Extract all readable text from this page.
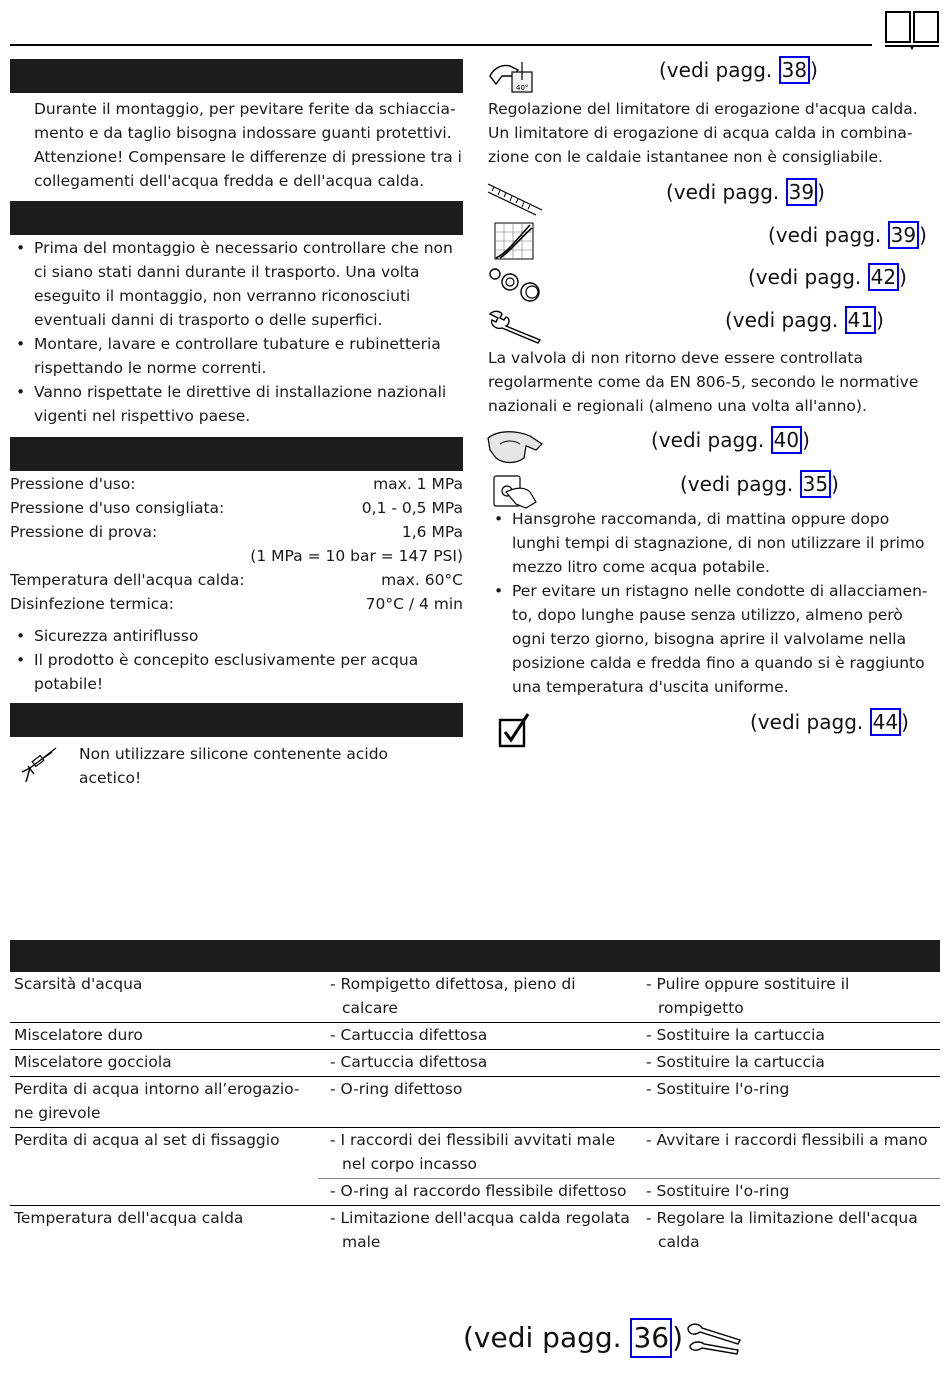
Durante il montaggio, per pevitare ferite da schiaccia-mento e da taglio bisogna indossare guanti protettivi. Attenzione! Compensare le differenze di pressione tra i collegamenti dell'acqua fredda e dell'acqua calda.
• Prima del montaggio è necessario controllare che non ci siano stati danni durante il trasporto. Una volta eseguito il montaggio, non verranno riconosciuti eventuali danni di trasporto o delle superfici.
• Montare, lavare e controllare tubature e rubinetteria rispettando le norme correnti.
• Vanno rispettate le direttive di installazione nazionali vigenti nel rispettivo paese.
Pressione d'uso:	max. 1 MPa
Pressione d'uso consigliata:	0,1 - 0,5 MPa
Pressione di prova:	1,6 MPa
(1 MPa = 10 bar = 147 PSI)
Temperatura dell'acqua calda:	max. 60°C
Disinfezione termica:	70°C / 4 min
• Sicurezza antiriflusso
• Il prodotto è concepito esclusivamente per acqua potabile!
Non utilizzare silicone contenente acido acetico!
40°
(vedi pagg. 38 )
Regolazione del limitatore di erogazione d'acqua calda. Un limitatore di erogazione di acqua calda in combina-zione con le caldaie istantanee non è consigliabile.
(vedi pagg. 39 )
(vedi pagg. 39 )
(vedi pagg. 42 )
(vedi pagg. 41 )
La valvola di non ritorno deve essere controllata regolarmente come da EN 806-5, secondo le normative nazionali e regionali (almeno una volta all'anno).
(vedi pagg. 40 )
(vedi pagg. 35 )
• Hansgrohe raccomanda, di mattina oppure dopo lunghi tempi di stagnazione, di non utilizzare il primo mezzo litro come acqua potabile.
• Per evitare un ristagno nelle condotte di allacciamen-to, dopo lunghe pause senza utilizzo, almeno però ogni terzo giorno, bisogna aprire il valvolame nella posizione calda e fredda fino a quando si è raggiunto una temperatura d'uscita uniforme.
(vedi pagg. 44 )
Scarsità d'acqua	- Rompigetto difettosa, pieno di calcare	- Pulire oppure sostituire il rompigetto

Miscelatore duro	- Cartuccia difettosa	- Sostituire la cartuccia

Miscelatore gocciola	- Cartuccia difettosa	- Sostituire la cartuccia

Perdita di acqua intorno all’erogazio-ne girevole	- O-ring difettoso	- Sostituire l'o-ring

Perdita di acqua al set di fissaggio	- I raccordi dei flessibili avvitati male nel corpo incasso	- Avvitare i raccordi flessibili a mano

	- O-ring al raccordo flessibile difettoso	- Sostituire l'o-ring

Temperatura dell'acqua calda	- Limitazione dell'acqua calda regolata male	- Regolare la limitazione dell'acqua calda
(vedi pagg. 36 )
